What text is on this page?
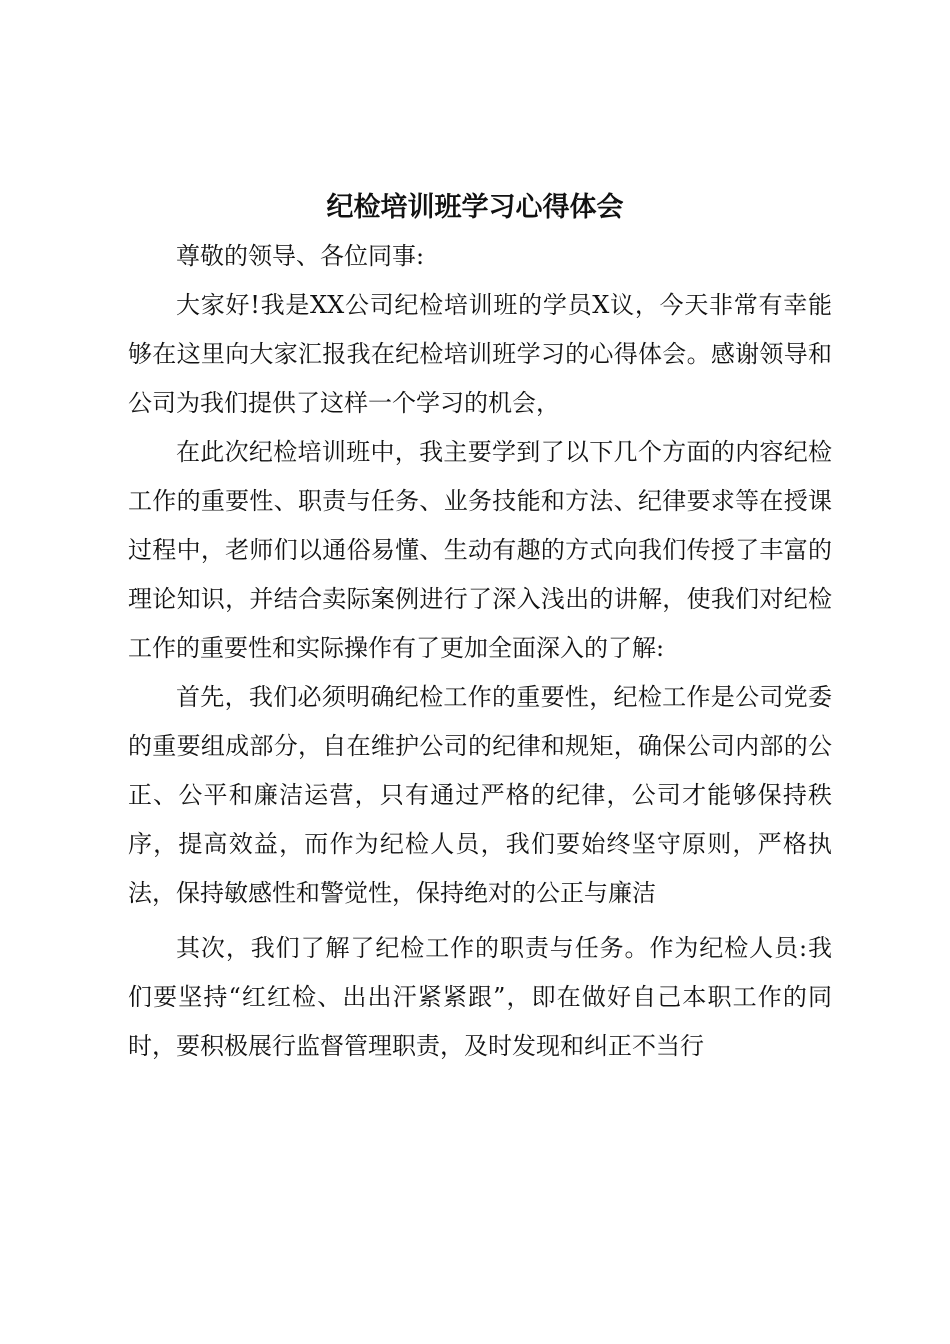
纪检培训班学习心得体会

尊敬的领导、各位同事:

大家好!我是XX公司纪检培训班的学员X议，今天非常有幸能够在这里向大家汇报我在纪检培训班学习的心得体会。感谢领导和公司为我们提供了这样一个学习的机会，

在此次纪检培训班中，我主要学到了以下几个方面的内容纪检工作的重要性、职责与任务、业务技能和方法、纪律要求等在授课过程中，老师们以通俗易懂、生动有趣的方式向我们传授了丰富的理论知识，并结合卖际案例进行了深入浅出的讲解，使我们对纪检工作的重要性和实际操作有了更加全面深入的了解:

首先，我们必须明确纪检工作的重要性，纪检工作是公司党委的重要组成部分，自在维护公司的纪律和规矩，确保公司内部的公正、公平和廉洁运营，只有通过严格的纪律，公司才能够保持秩序，提高效益，而作为纪检人员，我们要始终坚守原则，严格执法，保持敏感性和警觉性，保持绝对的公正与廉洁

其次，我们了解了纪检工作的职责与任务。作为纪检人员:我们要坚持“红红检、出出汗紧紧跟”，即在做好自己本职工作的同时，要积极展行监督管理职责，及时发现和纠正不当行
